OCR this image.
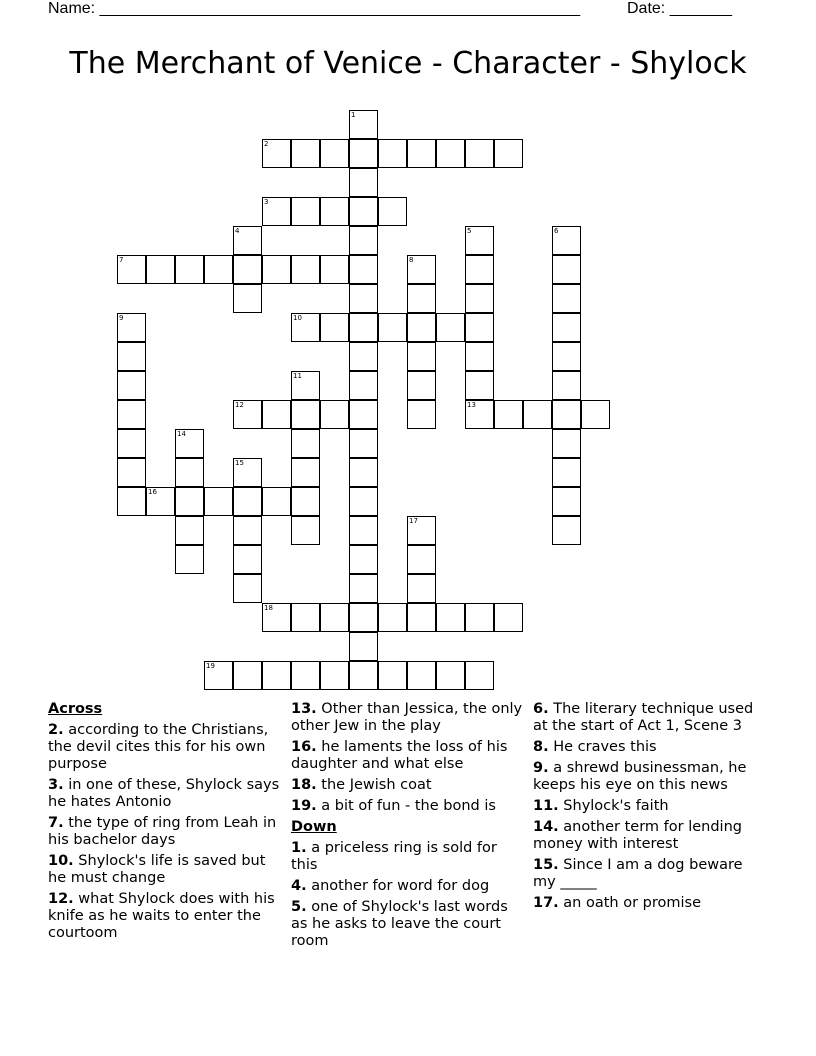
Name: ______________________________________________________

	Date: _______

The Merchant of Venice - Character - Shylock
1
2
3
4	5
13
6
7	8
9	10
11
12
14
15
16
17
18
19
Across
2. according to the Christians, the devil cites this for his own purpose
3. in one of these, Shylock says he hates Antonio
7. the type of ring from Leah in his bachelor days
10. Shylock's life is saved but he must change
12. what Shylock does with his knife as he waits to enter the courtoom
13. Other than Jessica, the only other Jew in the play
16. he laments the loss of his daughter and what else
18. the Jewish coat
19. a bit of fun - the bond is
Down
1. a priceless ring is sold for this
4. another for word for dog
5. one of Shylock's last words as he asks to leave the court room
6. The literary technique used at the start of Act 1, Scene 3
8. He craves this
9. a shrewd businessman, he keeps his eye on this news
11. Shylock's faith
14. another term for lending money with interest
15. Since I am a dog beware my _____
17. an oath or promise
